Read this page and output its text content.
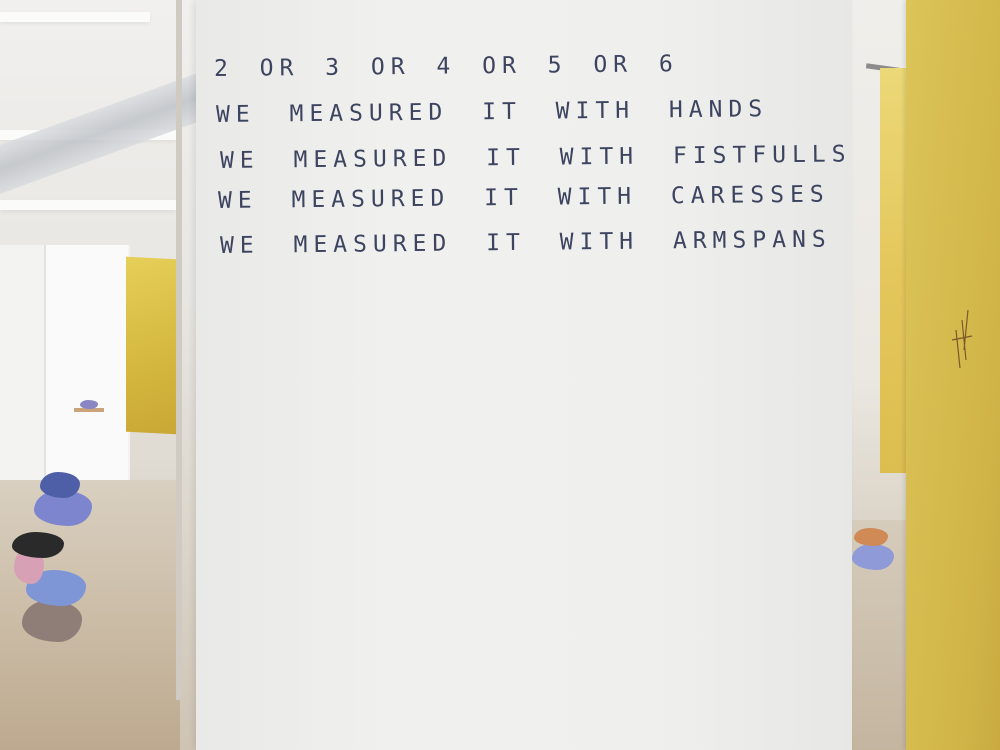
2 OR 3 OR 4 OR 5 OR 6
WE MEASURED IT WITH HANDS
WE MEASURED IT WITH FISTFULLS
WE MEASURED IT WITH CARESSES
WE MEASURED IT WITH ARMSPANS
